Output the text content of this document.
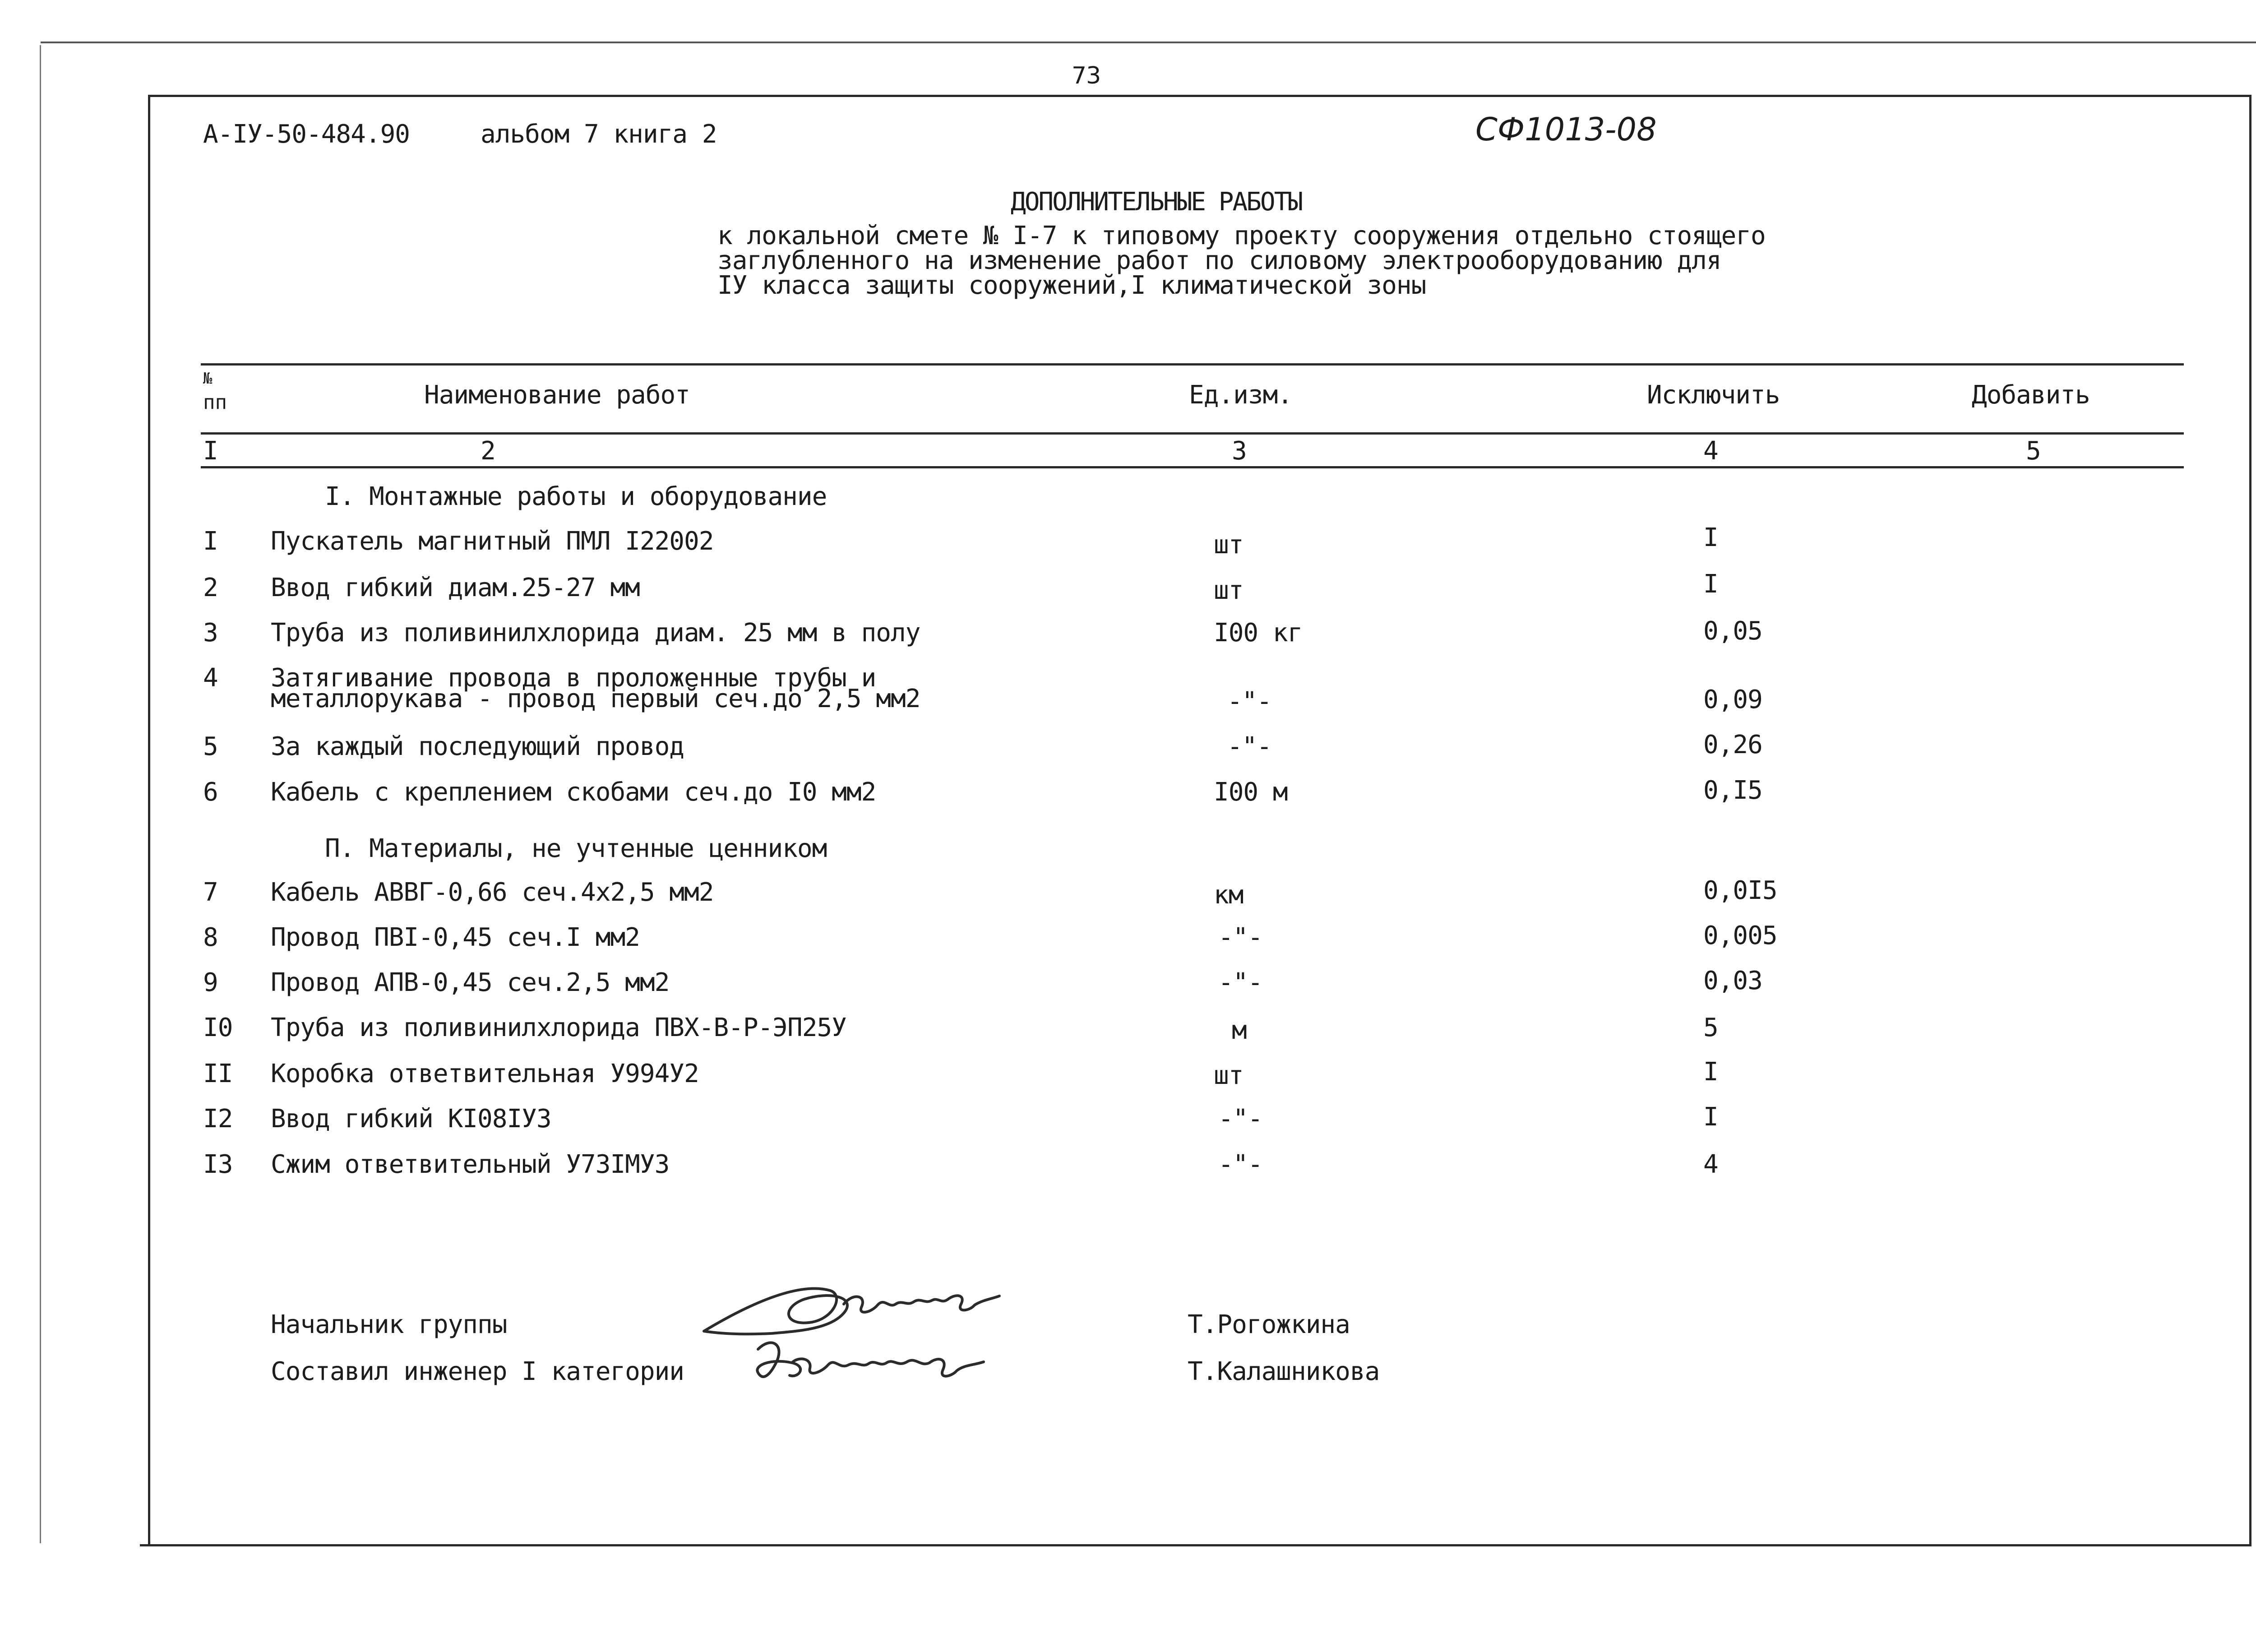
73
А-IУ-50-484.90	альбом 7 книга 2	СФ1013-08
ДОПОЛНИТЕЛЬНЫЕ РАБОТЫ
к локальной смете № I-7 к типовому проекту сооружения отдельно стоящего
заглубленного на изменение работ по силовому электрооборудованию для
IУ класса защиты сооружений,I климатической зоны
№
пп	Наименование работ	Ед.изм.	Исключить	Добавить
I	2	3	4	5
I. Монтажные работы и оборудование
I Пускатель магнитный ПМЛ I22002	шт	I
2 Ввод гибкий диам.25-27 мм	шт	I
3 Труба из поливинилхлорида диам. 25 мм в полу	I00 кг	0,05
4 Затягивание провода в проложенные трубы и
металлорукава - провод первый сеч.до 2,5 мм2	-"-	0,09
5 За каждый последующий провод	-"-	0,26
6 Кабель с креплением скобами сеч.до I0 мм2	I00 м	0,I5
П. Материалы, не учтенные ценником
7 Кабель АВВГ-0,66 сеч.4х2,5 мм2	км	0,0I5
8 Провод ПВI-0,45 сеч.I мм2	-"-	0,005
9 Провод АПВ-0,45 сеч.2,5 мм2	-"-	0,03
I0 Труба из поливинилхлорида ПВХ-В-Р-ЭП25У	м	5
II Коробка ответвительная У994У2	шт	I
I2 Ввод гибкий КI08IУЗ	-"-	I
I3 Сжим ответвительный У73IМУЗ	-"-	4
Начальник группы	Т.Рогожкина
Составил инженер I категории	Т.Калашникова
